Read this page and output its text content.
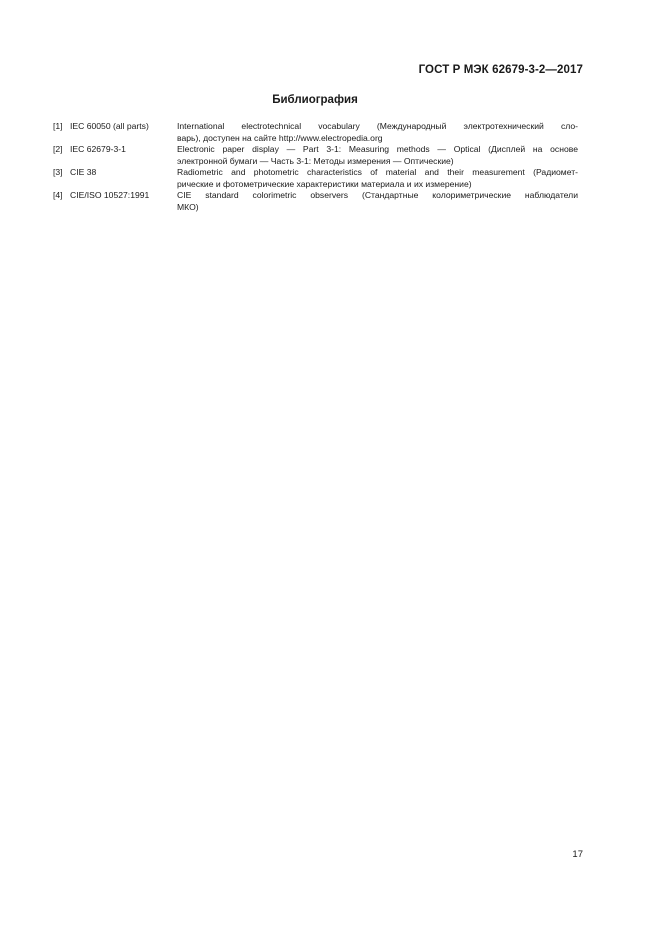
ГОСТ Р МЭК 62679-3-2—2017
Библиография
[1] IEC 60050 (all parts)	International electrotechnical vocabulary (Международный электротехнический сло-
варь), доступен на сайте http://www.electropedia.org
[2] IEC 62679-3-1	Electronic paper display — Part 3-1: Measuring methods — Optical (Дисплей на основе
электронной бумаги — Часть 3-1: Методы измерения — Оптические)
[3] CIE 38	Radiometric and photometric characteristics of material and their measurement (Радиомет-
рические и фотометрические характеристики материала и их измерение)
[4] CIE/ISO 10527:1991	CIE standard colorimetric observers (Стандартные колориметрические наблюдатели
МКО)
17
